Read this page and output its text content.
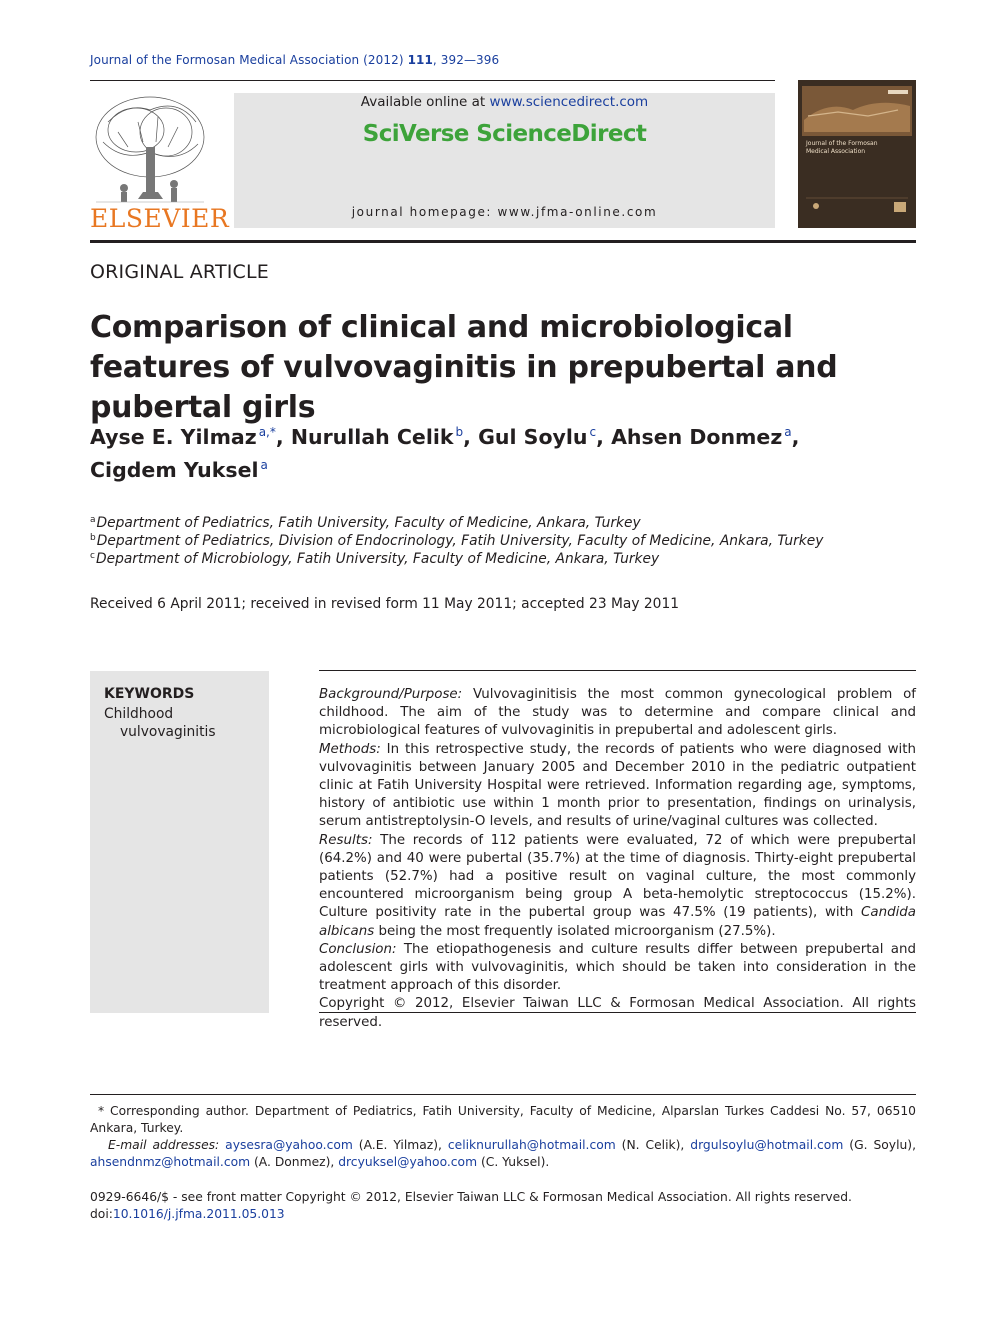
Journal of the Formosan Medical Association (2012) 111, 392—396
ELSEVIER
Available online at www.sciencedirect.com
SciVerse ScienceDirect
journal homepage: www.jfma-online.com
Journal of the Formosan Medical Association
ORIGINAL ARTICLE
Comparison of clinical and microbiological features of vulvovaginitis in prepubertal and pubertal girls
Ayse E. Yilmaz $^{a,*}$, Nurullah Celik $^b$, Gul Soylu $^c$, Ahsen Donmez $^a$,
Cigdem Yuksel $^a$
$^a$Department of Pediatrics, Fatih University, Faculty of Medicine, Ankara, Turkey
$^b$Department of Pediatrics, Division of Endocrinology, Fatih University, Faculty of Medicine, Ankara, Turkey
$^c$Department of Microbiology, Fatih University, Faculty of Medicine, Ankara, Turkey
Received 6 April 2011; received in revised form 11 May 2011; accepted 23 May 2011
KEYWORDS
Childhood
vulvovaginitis

Background/Purpose: Vulvovaginitisis the most common gynecological problem of childhood. The aim of the study was to determine and compare clinical and microbiological features of vulvovaginitis in prepubertal and adolescent girls.

Methods: In this retrospective study, the records of patients who were diagnosed with vulvovaginitis between January 2005 and December 2010 in the pediatric outpatient clinic at Fatih University Hospital were retrieved. Information regarding age, symptoms, history of antibiotic use within 1 month prior to presentation, findings on urinalysis, serum antistreptolysin-O levels, and results of urine/vaginal cultures was collected.

Results: The records of 112 patients were evaluated, 72 of which were prepubertal (64.2%) and 40 were pubertal (35.7%) at the time of diagnosis. Thirty-eight prepubertal patients (52.7%) had a positive result on vaginal culture, the most commonly encountered microorganism being group A beta-hemolytic streptococcus (15.2%). Culture positivity rate in the pubertal group was 47.5% (19 patients), with Candida albicans being the most frequently isolated microorganism (27.5%).

Conclusion: The etiopathogenesis and culture results differ between prepubertal and adolescent girls with vulvovaginitis, which should be taken into consideration in the treatment approach of this disorder.

Copyright © 2012, Elsevier Taiwan LLC & Formosan Medical Association. All rights reserved.

* Corresponding author. Department of Pediatrics, Fatih University, Faculty of Medicine, Alparslan Turkes Caddesi No. 57, 06510 Ankara, Turkey.

E-mail addresses: aysesra@yahoo.com (A.E. Yilmaz), celiknurullah@hotmail.com (N. Celik), drgulsoylu@hotmail.com (G. Soylu), ahsendnmz@hotmail.com (A. Donmez), drcyuksel@yahoo.com (C. Yuksel).

0929-6646/$ - see front matter Copyright © 2012, Elsevier Taiwan LLC & Formosan Medical Association. All rights reserved.

doi:10.1016/j.jfma.2011.05.013
